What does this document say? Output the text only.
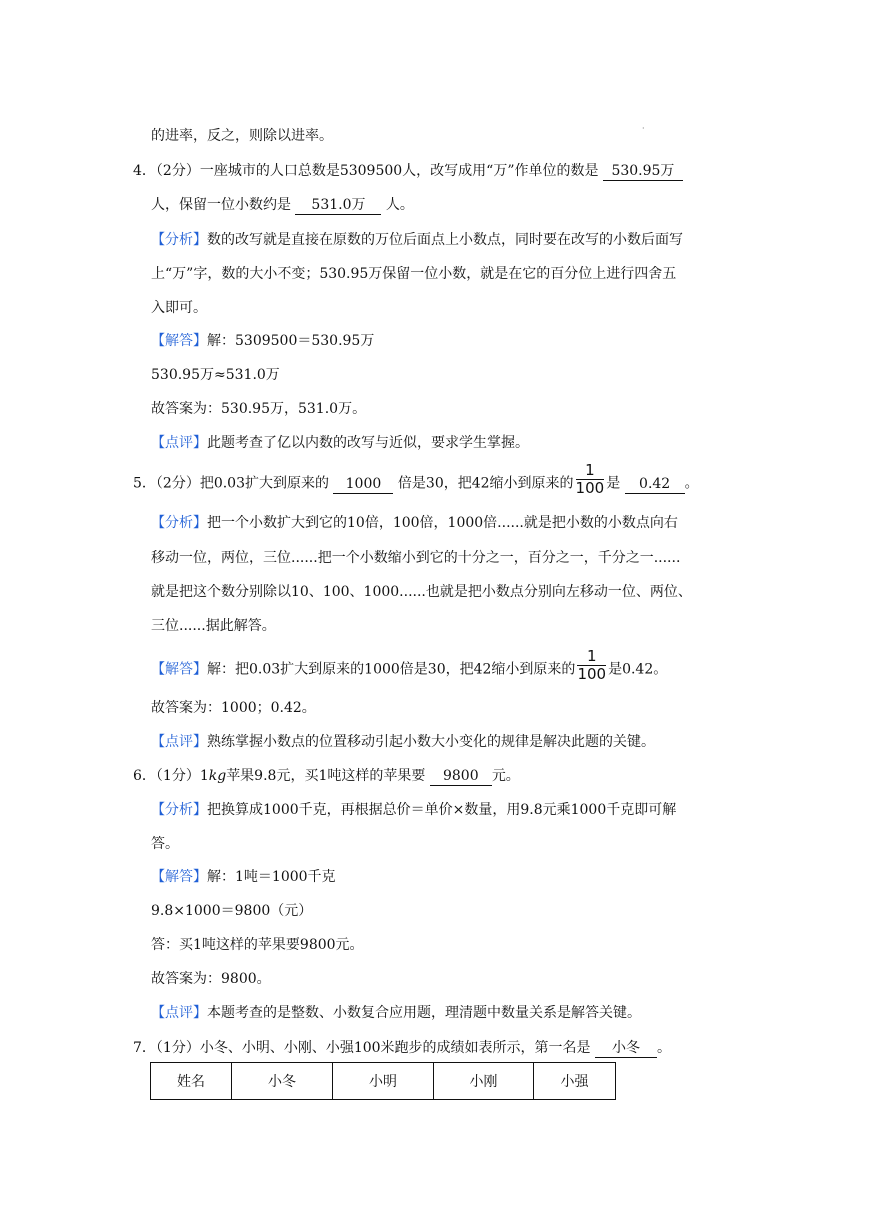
·
的进率，反之，则除以进率。
4．（2分）一座城市的人口总数是5309500人，改写成用“万”作单位的数是 530.95万
人，保留一位小数约是 531.0万 人。
【分析】数的改写就是直接在原数的万位后面点上小数点，同时要在改写的小数后面写
上“万”字，数的大小不变；530.95万保留一位小数，就是在它的百分位上进行四舍五
入即可。
【解答】解：5309500＝530.95万
530.95万≈531.0万
故答案为：530.95万，531.0万。
【点评】此题考查了亿以内数的改写与近似，要求学生掌握。
5．（2分）把0.03扩大到原来的 1000 倍是30，把42缩小到原来的 $\frac{1}{100}$ 是 0.42 。
【分析】把一个小数扩大到它的10倍，100倍，1000倍......就是把小数的小数点向右
移动一位，两位，三位......把一个小数缩小到它的十分之一，百分之一，千分之一......
就是把这个数分别除以10、100、1000......也就是把小数点分别向左移动一位、两位、
三位......据此解答。
【解答】解：把0.03扩大到原来的1000倍是30，把42缩小到原来的 $\frac{1}{100}$ 是0.42。
故答案为：1000；0.42。
【点评】熟练掌握小数点的位置移动引起小数大小变化的规律是解决此题的关键。
6．（1分）1kg苹果9.8元，买1吨这样的苹果要 9800 元。
【分析】把换算成1000千克，再根据总价＝单价×数量，用9.8元乘1000千克即可解
答。
【解答】解：1吨＝1000千克
9.8×1000＝9800（元）
答：买1吨这样的苹果要9800元。
故答案为：9800。
【点评】本题考查的是整数、小数复合应用题，理清题中数量关系是解答关键。
7．（1分）小冬、小明、小刚、小强100米跑步的成绩如表所示，第一名是 小冬 。
姓名	小冬	小明	小刚	小强
